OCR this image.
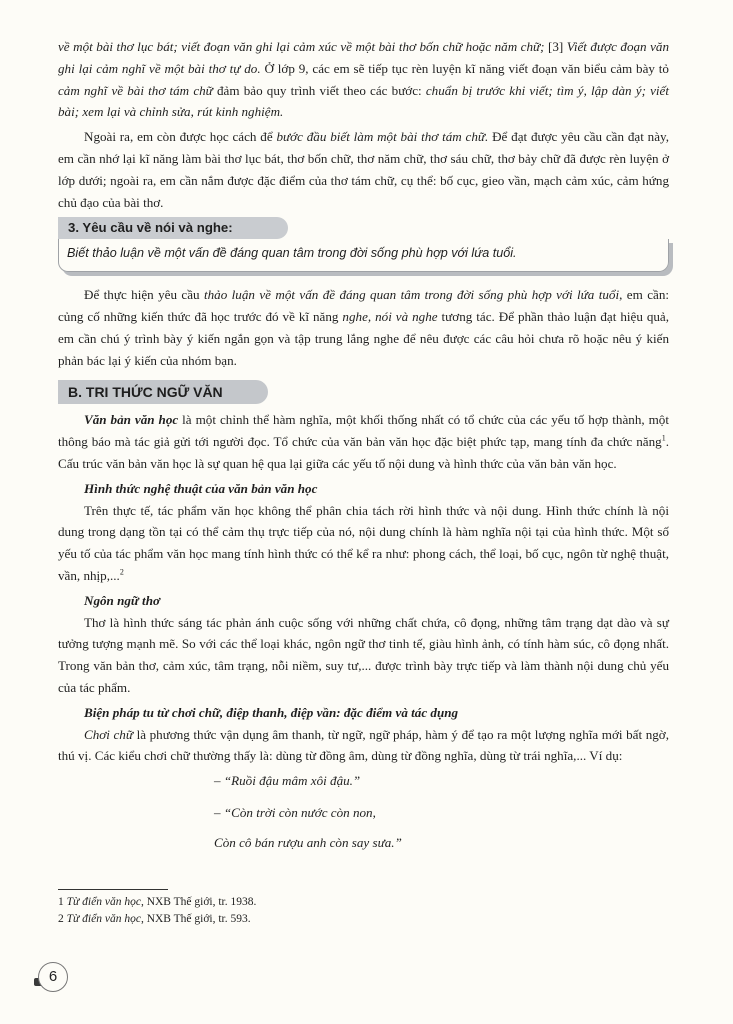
về một bài thơ lục bát; viết đoạn văn ghi lại cảm xúc về một bài thơ bốn chữ hoặc năm chữ; [3] Viết được đoạn văn ghi lại cảm nghĩ về một bài thơ tự do. Ở lớp 9, các em sẽ tiếp tục rèn luyện kĩ năng viết đoạn văn biểu cảm bày tỏ cảm nghĩ về bài thơ tám chữ đảm bảo quy trình viết theo các bước: chuẩn bị trước khi viết; tìm ý, lập dàn ý; viết bài; xem lại và chỉnh sửa, rút kinh nghiệm.

Ngoài ra, em còn được học cách để bước đầu biết làm một bài thơ tám chữ. Để đạt được yêu cầu cần đạt này, em cần nhớ lại kĩ năng làm bài thơ lục bát, thơ bốn chữ, thơ năm chữ, thơ sáu chữ, thơ bảy chữ đã được rèn luyện ở lớp dưới; ngoài ra, em cần nắm được đặc điểm của thơ tám chữ, cụ thể: bố cục, gieo vần, mạch cảm xúc, cảm hứng chủ đạo của bài thơ.

3. Yêu cầu về nói và nghe:
Biết thảo luận về một vấn đề đáng quan tâm trong đời sống phù hợp với lứa tuổi.

Để thực hiện yêu cầu thảo luận về một vấn đề đáng quan tâm trong đời sống phù hợp với lứa tuổi, em cần: củng cố những kiến thức đã học trước đó về kĩ năng nghe, nói và nghe tương tác. Để phần thảo luận đạt hiệu quả, em cần chú ý trình bày ý kiến ngắn gọn và tập trung lắng nghe để nêu được các câu hỏi chưa rõ hoặc nêu ý kiến phản bác lại ý kiến của nhóm bạn.

B. TRI THỨC NGỮ VĂN

Văn bản văn học là một chỉnh thể hàm nghĩa, một khối thống nhất có tổ chức của các yếu tố hợp thành, một thông báo mà tác giả gửi tới người đọc. Tổ chức của văn bản văn học đặc biệt phức tạp, mang tính đa chức năng$^1$. Cấu trúc văn bản văn học là sự quan hệ qua lại giữa các yếu tố nội dung và hình thức của văn bản văn học.

Hình thức nghệ thuật của văn bản văn học

Trên thực tế, tác phẩm văn học không thể phân chia tách rời hình thức và nội dung. Hình thức chính là nội dung trong dạng tồn tại có thể cảm thụ trực tiếp của nó, nội dung chính là hàm nghĩa nội tại của hình thức. Một số yếu tố của tác phẩm văn học mang tính hình thức có thể kể ra như: phong cách, thể loại, bố cục, ngôn từ nghệ thuật, vần, nhịp,...$^2$

Ngôn ngữ thơ

Thơ là hình thức sáng tác phản ánh cuộc sống với những chất chứa, cô đọng, những tâm trạng dạt dào và sự tưởng tượng mạnh mẽ. So với các thể loại khác, ngôn ngữ thơ tinh tế, giàu hình ảnh, có tính hàm súc, cô đọng nhất. Trong văn bản thơ, cảm xúc, tâm trạng, nỗi niềm, suy tư,... được trình bày trực tiếp và làm thành nội dung chủ yếu của tác phẩm.

Biện pháp tu từ chơi chữ, điệp thanh, điệp vần: đặc điểm và tác dụng

Chơi chữ là phương thức vận dụng âm thanh, từ ngữ, ngữ pháp, hàm ý để tạo ra một lượng nghĩa mới bất ngờ, thú vị. Các kiểu chơi chữ thường thấy là: dùng từ đồng âm, dùng từ đồng nghĩa, dùng từ trái nghĩa,... Ví dụ:

– “Ruồi đậu mâm xôi đậu.”

– “Còn trời còn nước còn non,

Còn cô bán rượu anh còn say sưa.”

1 Từ điển văn học, NXB Thế giới, tr. 1938.

2 Từ điển văn học, NXB Thế giới, tr. 593.

6
